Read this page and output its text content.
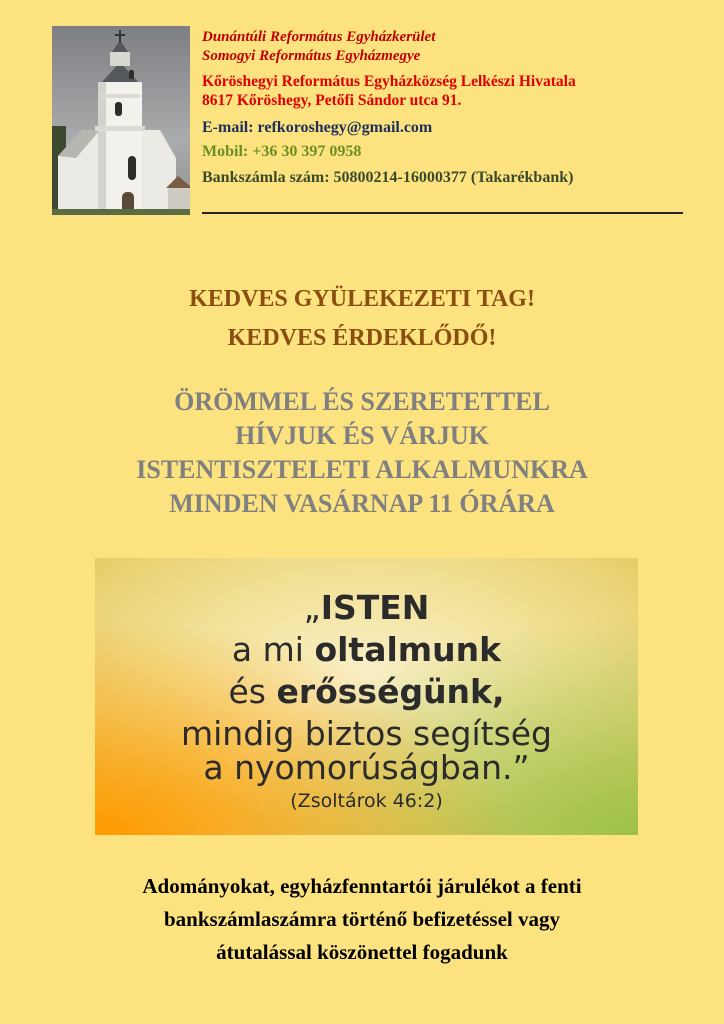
Dunántúli Református Egyházkerület
Somogyi Református Egyházmegye
Kőröshegyi Református Egyházközség Lelkészi Hivatala
8617 Kőröshegy, Petőfi Sándor utca 91.
E-mail: refkoroshegy@gmail.com
Mobil: +36 30 397 0958
Bankszámla szám: 50800214-16000377 (Takarékbank)
KEDVES GYÜLEKEZETI TAG!
KEDVES ÉRDEKLŐDŐ!
ÖRÖMMEL ÉS SZERETETTEL
HÍVJUK ÉS VÁRJUK
ISTENTISZTELETI ALKALMUNKRA
MINDEN VASÁRNAP 11 ÓRÁRA
„ISTEN
a mi oltalmunk
és erősségünk,
mindig biztos segítség
a nyomorúságban.”
(Zsoltárok 46:2)
Adományokat, egyházfenntartói járulékot a fenti
bankszámlaszámra történő befizetéssel vagy
átutalással köszönettel fogadunk
